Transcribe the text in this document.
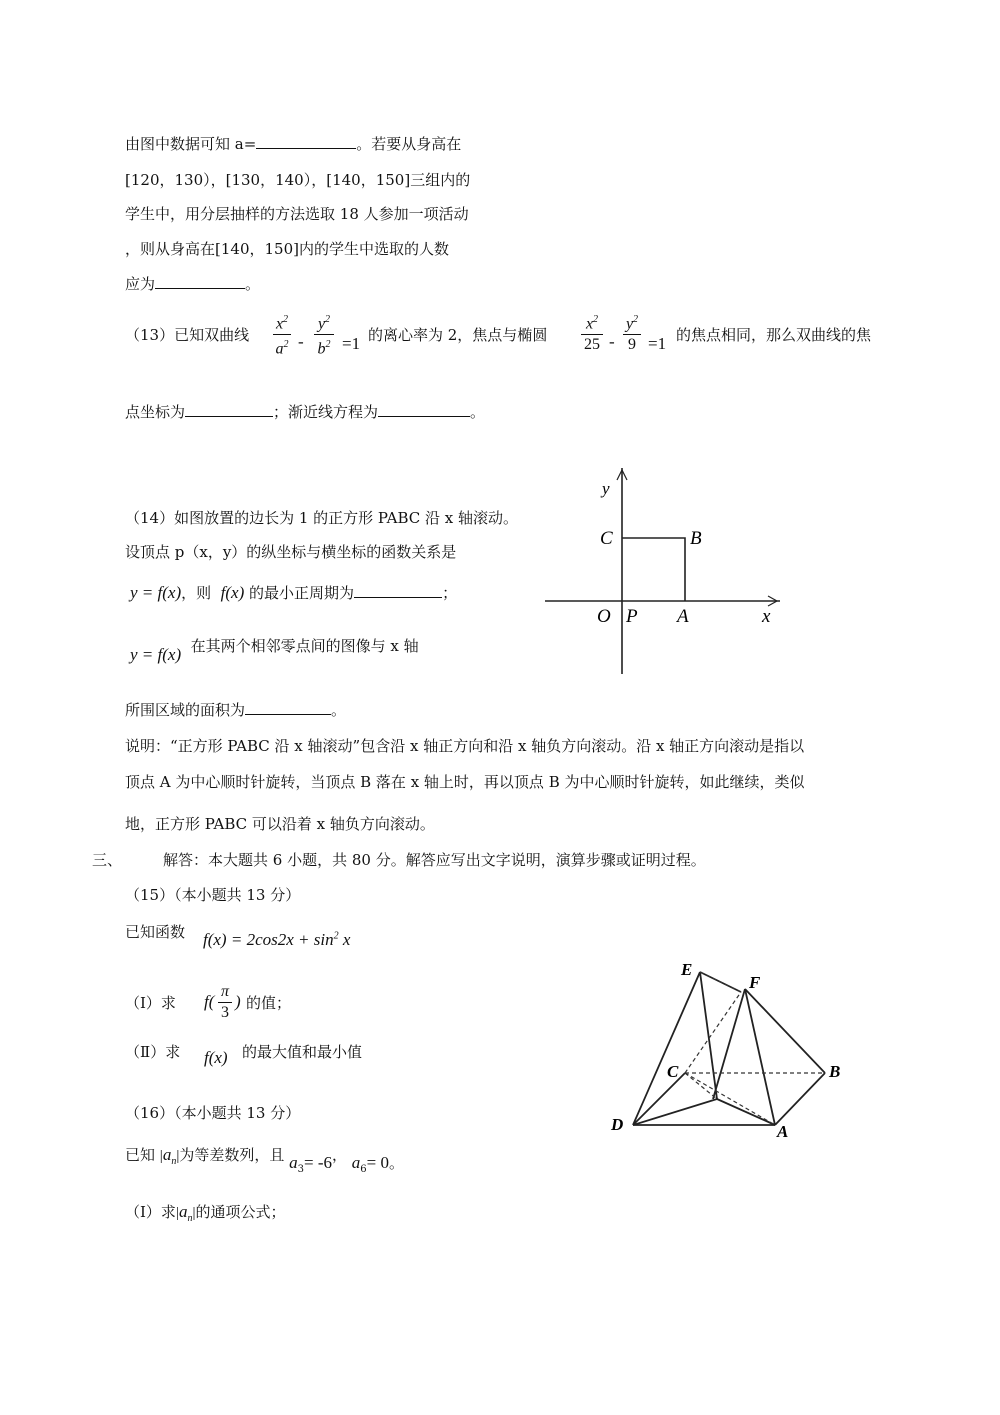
由图中数据可知 a=	。若要从身高在
[120，130），[130，140），[140，150]三组内的
学生中，用分层抽样的方法选取 18 人参加一项活动
，则从身高在[140，150]内的学生中选取的人数
应为	。
（13）已知双曲线
$x^2$
$a^2$ -
$y^2$
$b^2 =1$ 的离心率为 2，焦点与椭圆
$x^2$
25 -
$y^2$
9 =1 的焦点相同，那么双曲线的焦
点坐标为	；渐近线方程为	。
（14）如图放置的边长为 1 的正方形 PABC 沿 x 轴滚动。
设顶点 p（x，y）的纵坐标与横坐标的函数关系是
y = f(x)，则 f(x) 的最小正周期为	；
y = f(x) 在其两个相邻零点间的图像与 x 轴
所围区域的面积为	。
说明：“正方形 PABC 沿 x 轴滚动”包含沿 x 轴正方向和沿 x 轴负方向滚动。沿 x 轴正方向滚动是指以
顶点 A 为中心顺时针旋转，当顶点 B 落在 x 轴上时，再以顶点 B 为中心顺时针旋转，如此继续，类似
地，正方形 PABC 可以沿着 x 轴负方向滚动。
y
C	B
O P A	x
三、	解答：本大题共 6 小题，共 80 分。解答应写出文字说明，演算步骤或证明过程。
（15）（本小题共 13 分）
已知函数 $f(x) = 2\cos 2x + \sin^2 x$
（Ⅰ）求 f(
π
3
) 的值；
（Ⅱ）求 f(x) 的最大值和最小值
E
F
C	B
D	A
（16）（本小题共 13 分）
已知 $|a_n|$为等差数列，且 $a_3= -6$， $a_6= 0$。
（Ⅰ）求$|a_n|$的通项公式；
